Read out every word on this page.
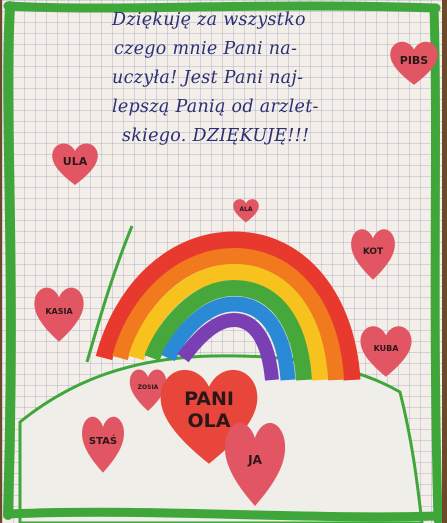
Dziękuję za wszystko
czego mnie Pani na-
uczyła! Jest Pani naj-
lepszą Panią od arzlet-
skiego. DZIĘKUJĘ!!!
PIBS
ULA
ALA
KOT
KASIA
KUBA
ZOSIA PANI
OLA
STAŚ
JA
